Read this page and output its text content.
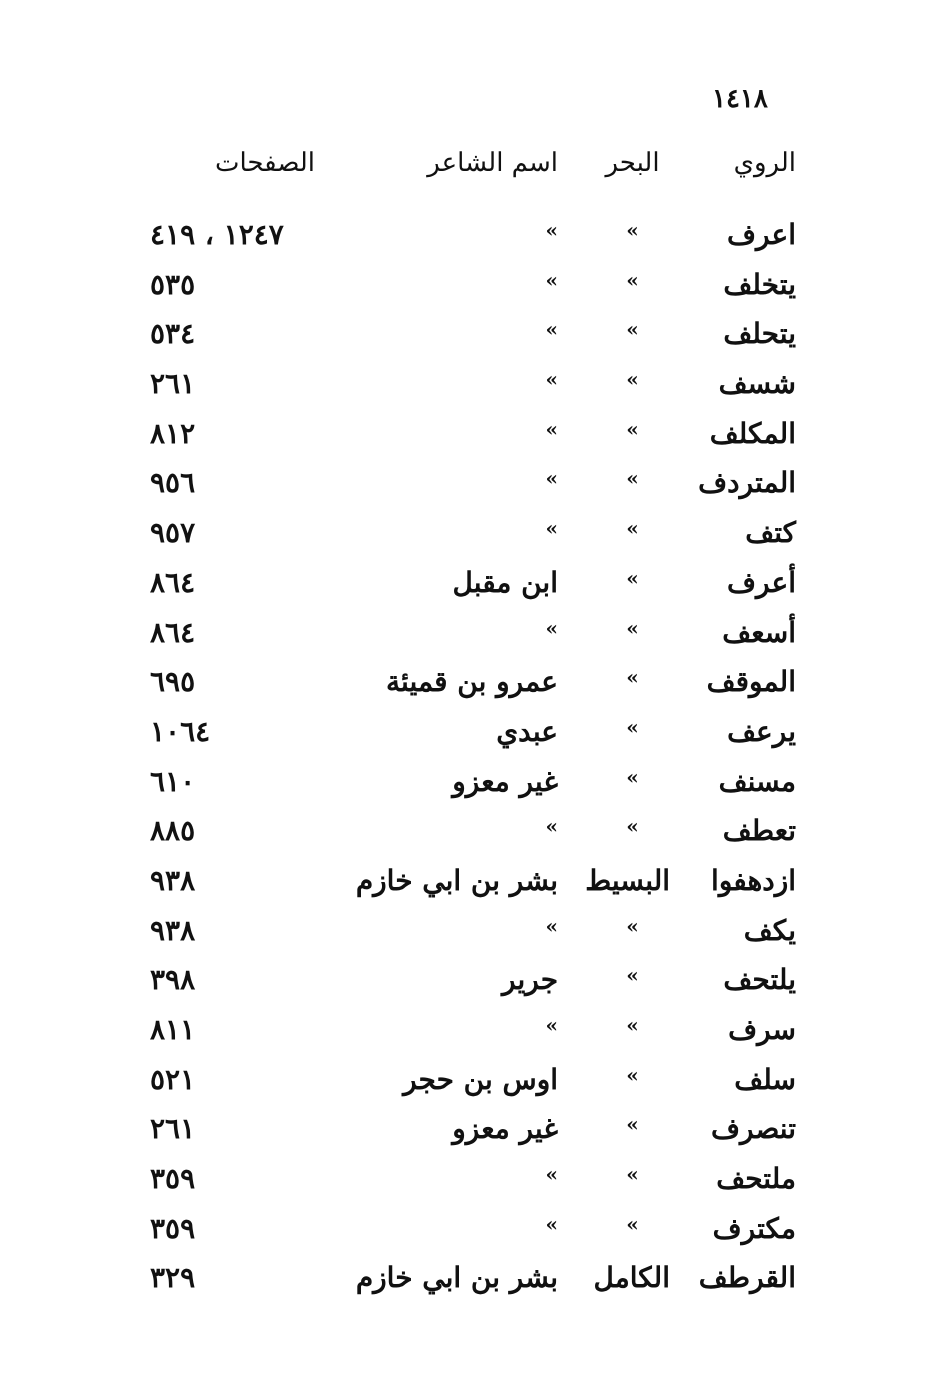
١٤١٨
الروي
البحر
اسم الشاعر
الصفحات
اعرف
»
»
١٢٤٧ ، ٤١٩
يتخلف
»
»
٥٣٥
يتحلف
»
»
٥٣٤
شسف
»
»
٢٦١
المكلف
»
»
٨١٢
المتردف
»
»
٩٥٦
كتف
»
»
٩٥٧
أعرف
»
ابن مقبل
٨٦٤
أسعف
»
»
٨٦٤
الموقف
»
عمرو بن قميئة
٦٩٥
يرعف
»
عبدي
١٠٦٤
مسنف
»
غير معزو
٦١٠
تعطف
»
»
٨٨٥
ازدهفوا
البسيط
بشر بن ابي خازم
٩٣٨
يكف
»
»
٩٣٨
يلتحف
»
جرير
٣٩٨
سرف
»
»
٨١١
سلف
»
اوس بن حجر
٥٢١
تنصرف
»
غير معزو
٢٦١
ملتحف
»
»
٣٥٩
مكترف
»
»
٣٥٩
القرطف
الكامل
بشر بن ابي خازم
٣٢٩
